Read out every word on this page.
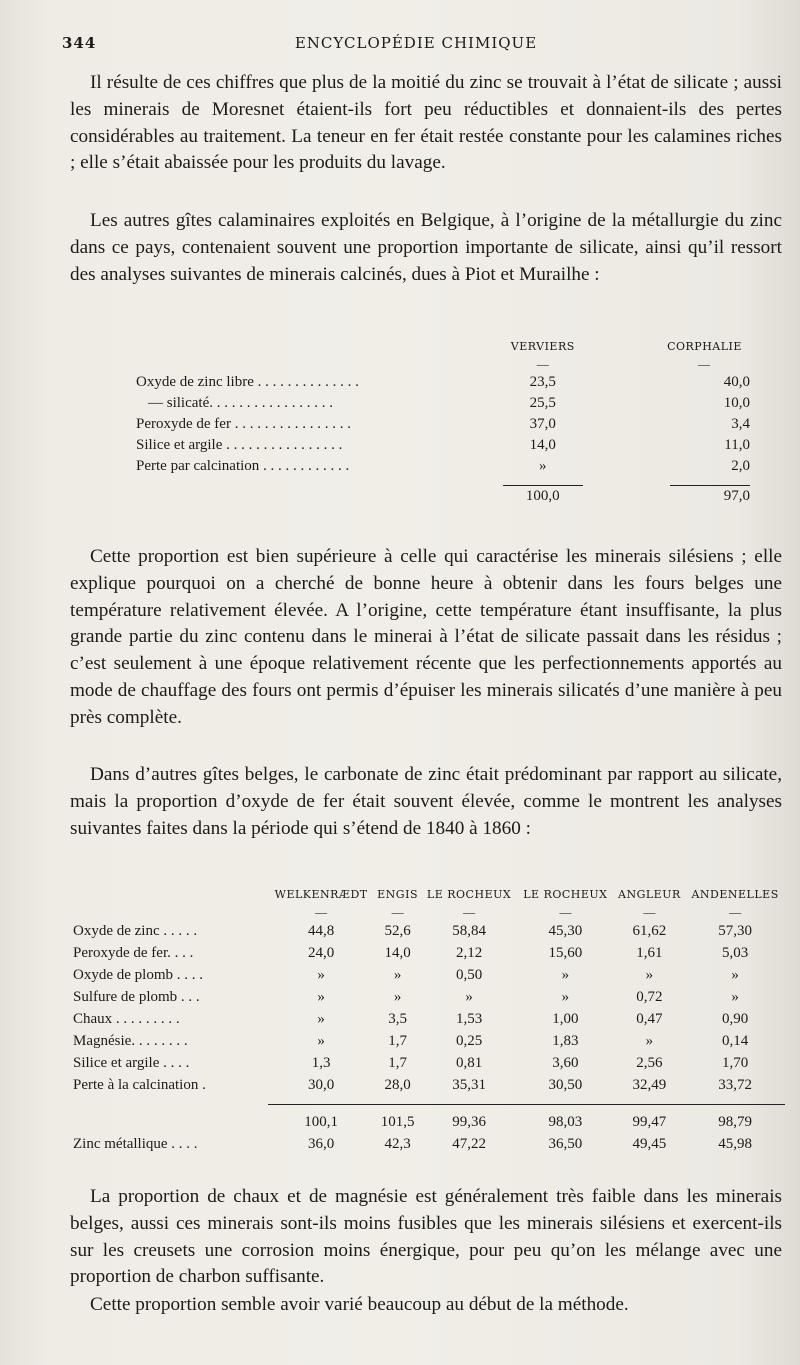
344	ENCYCLOPÉDIE CHIMIQUE

Il résulte de ces chiffres que plus de la moitié du zinc se trouvait à l’état de silicate ; aussi les minerais de Moresnet étaient-ils fort peu réductibles et donnaient-ils des pertes considérables au traitement. La teneur en fer était restée constante pour les calamines riches ; elle s’était abaissée pour les produits du lavage.

Les autres gîtes calaminaires exploités en Belgique, à l’origine de la métallurgie du zinc dans ce pays, contenaient souvent une proportion importante de silicate, ainsi qu’il ressort des analyses suivantes de minerais calcinés, dues à Piot et Murailhe :

	VERVIERS	CORPHALIE
	—	—
Oxyde de zinc libre . . . . . . . . . . . . . .	23,5	40,0
— silicaté. . . . . . . . . . . . . . . . .	25,5	10,0
Peroxyde de fer . . . . . . . . . . . . . . . .	37,0	3,4
Silice et argile . . . . . . . . . . . . . . . .	14,0	11,0
Perte par calcination . . . . . . . . . . . .	»	2,0

	100,0	97,0

Cette proportion est bien supérieure à celle qui caractérise les minerais silésiens ; elle explique pourquoi on a cherché de bonne heure à obtenir dans les fours belges une température relativement élevée. A l’origine, cette température étant insuffisante, la plus grande partie du zinc contenu dans le minerai à l’état de silicate passait dans les résidus ; c’est seulement à une époque relativement récente que les perfectionnements apportés au mode de chauffage des fours ont permis d’épuiser les minerais silicatés d’une manière à peu près complète.

Dans d’autres gîtes belges, le carbonate de zinc était prédominant par rapport au silicate, mais la proportion d’oxyde de fer était souvent élevée, comme le montrent les analyses suivantes faites dans la période qui s’étend de 1840 à 1860 :

	WELKENRÆDT	ENGIS	LE ROCHEUX	LE ROCHEUX	ANGLEUR	ANDENELLES
	—	—	—	—	—	—
Oxyde de zinc . . . . .	44,8	52,6	58,84	45,30	61,62	57,30
Peroxyde de fer. . . .	24,0	14,0	2,12	15,60	1,61	5,03
Oxyde de plomb . . . .	»	»	0,50	»	»	»
Sulfure de plomb . . .	»	»	»	»	0,72	»
Chaux . . . . . . . . .	»	3,5	1,53	1,00	0,47	0,90
Magnésie. . . . . . . .	»	1,7	0,25	1,83	»	0,14
Silice et argile . . . .	1,3	1,7	0,81	3,60	2,56	1,70
Perte à la calcination .	30,0	28,0	35,31	30,50	32,49	33,72

	100,1	101,5	99,36	98,03	99,47	98,79
Zinc métallique . . . .	36,0	42,3	47,22	36,50	49,45	45,98

La proportion de chaux et de magnésie est généralement très faible dans les minerais belges, aussi ces minerais sont-ils moins fusibles que les minerais silésiens et exercent-ils sur les creusets une corrosion moins énergique, pour peu qu’on les mélange avec une proportion de charbon suffisante.

Cette proportion semble avoir varié beaucoup au début de la méthode.
